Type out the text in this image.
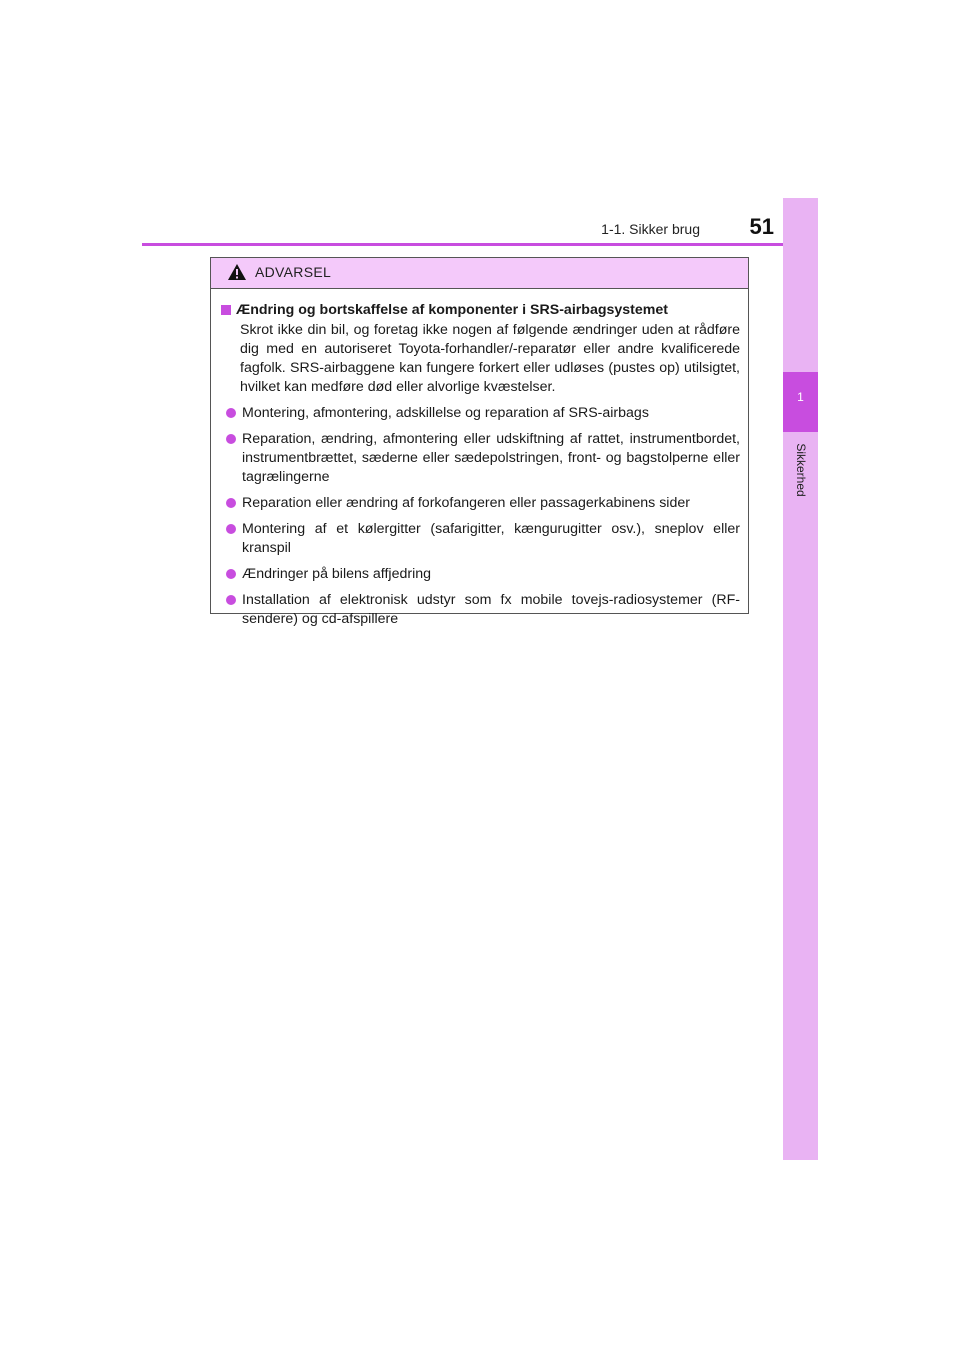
1-1. Sikker brug	51
1
Sikkerhed
ADVARSEL
Ændring og bortskaffelse af komponenter i SRS-airbagsystemet

Skrot ikke din bil, og foretag ikke nogen af følgende ændringer uden at rådføre dig med en autoriseret Toyota-forhandler/-reparatør eller andre kvalificerede fagfolk. SRS-airbaggene kan fungere forkert eller udløses (pustes op) utilsigtet, hvilket kan medføre død eller alvorlige kvæstelser.

Montering, afmontering, adskillelse og reparation af SRS-airbags
Reparation, ændring, afmontering eller udskiftning af rattet, instrumentbordet, instrumentbrættet, sæderne eller sædepolstringen, front- og bagstolperne eller tagrælingerne
Reparation eller ændring af forkofangeren eller passagerkabinens sider
Montering af et kølergitter (safarigitter, kængurugitter osv.), sneplov eller kranspil
Ændringer på bilens affjedring
Installation af elektronisk udstyr som fx mobile tovejs-radiosystemer (RF-sendere) og cd-afspillere
